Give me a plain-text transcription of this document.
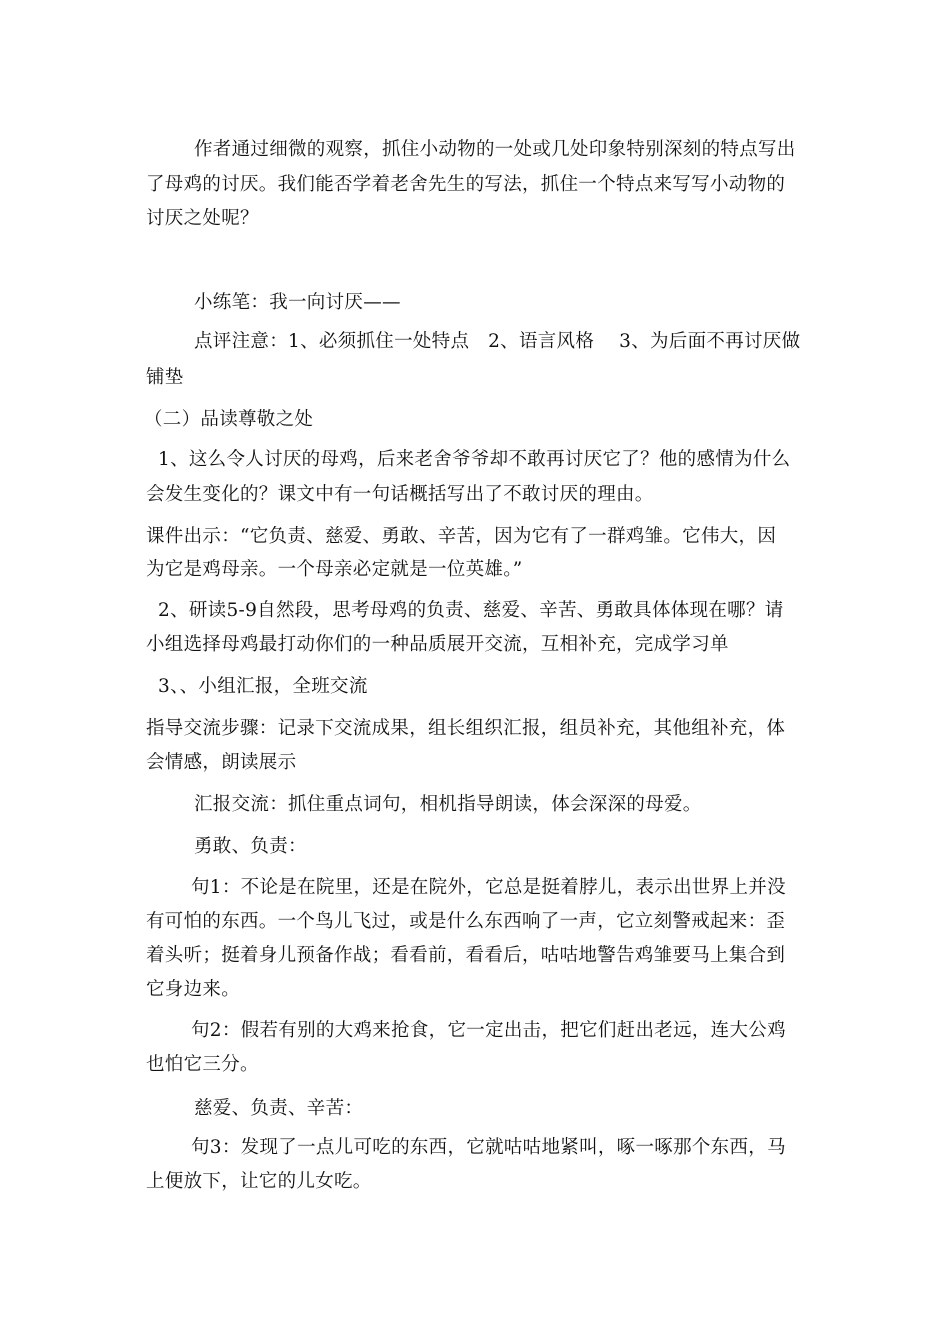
作者通过细微的观察，抓住小动物的一处或几处印象特别深刻的特点写出
了母鸡的讨厌。我们能否学着老舍先生的写法，抓住一个特点来写写小动物的
讨厌之处呢？
小练笔：我一向讨厌——
点评注意：1、必须抓住一处特点　2、语言风格　 3、为后面不再讨厌做
铺垫
（二）品读尊敬之处
1、这么令人讨厌的母鸡，后来老舍爷爷却不敢再讨厌它了？他的感情为什么
会发生变化的？课文中有一句话概括写出了不敢讨厌的理由。
课件出示：“它负责、慈爱、勇敢、辛苦，因为它有了一群鸡雏。它伟大，因
为它是鸡母亲。一个母亲必定就是一位英雄。”
2、研读5-9自然段，思考母鸡的负责、慈爱、辛苦、勇敢具体体现在哪？请
小组选择母鸡最打动你们的一种品质展开交流，互相补充，完成学习单
3、、小组汇报，全班交流
指导交流步骤：记录下交流成果，组长组织汇报，组员补充，其他组补充，体
会情感，朗读展示
汇报交流：抓住重点词句，相机指导朗读，体会深深的母爱。
勇敢、负责：
句1：不论是在院里，还是在院外，它总是挺着脖儿，表示出世界上并没
有可怕的东西。一个鸟儿飞过，或是什么东西响了一声，它立刻警戒起来：歪
着头听；挺着身儿预备作战；看看前，看看后，咕咕地警告鸡雏要马上集合到
它身边来。
句2：假若有别的大鸡来抢食，它一定出击，把它们赶出老远，连大公鸡
也怕它三分。
慈爱、负责、辛苦：
句3：发现了一点儿可吃的东西，它就咕咕地紧叫，啄一啄那个东西，马
上便放下，让它的儿女吃。
